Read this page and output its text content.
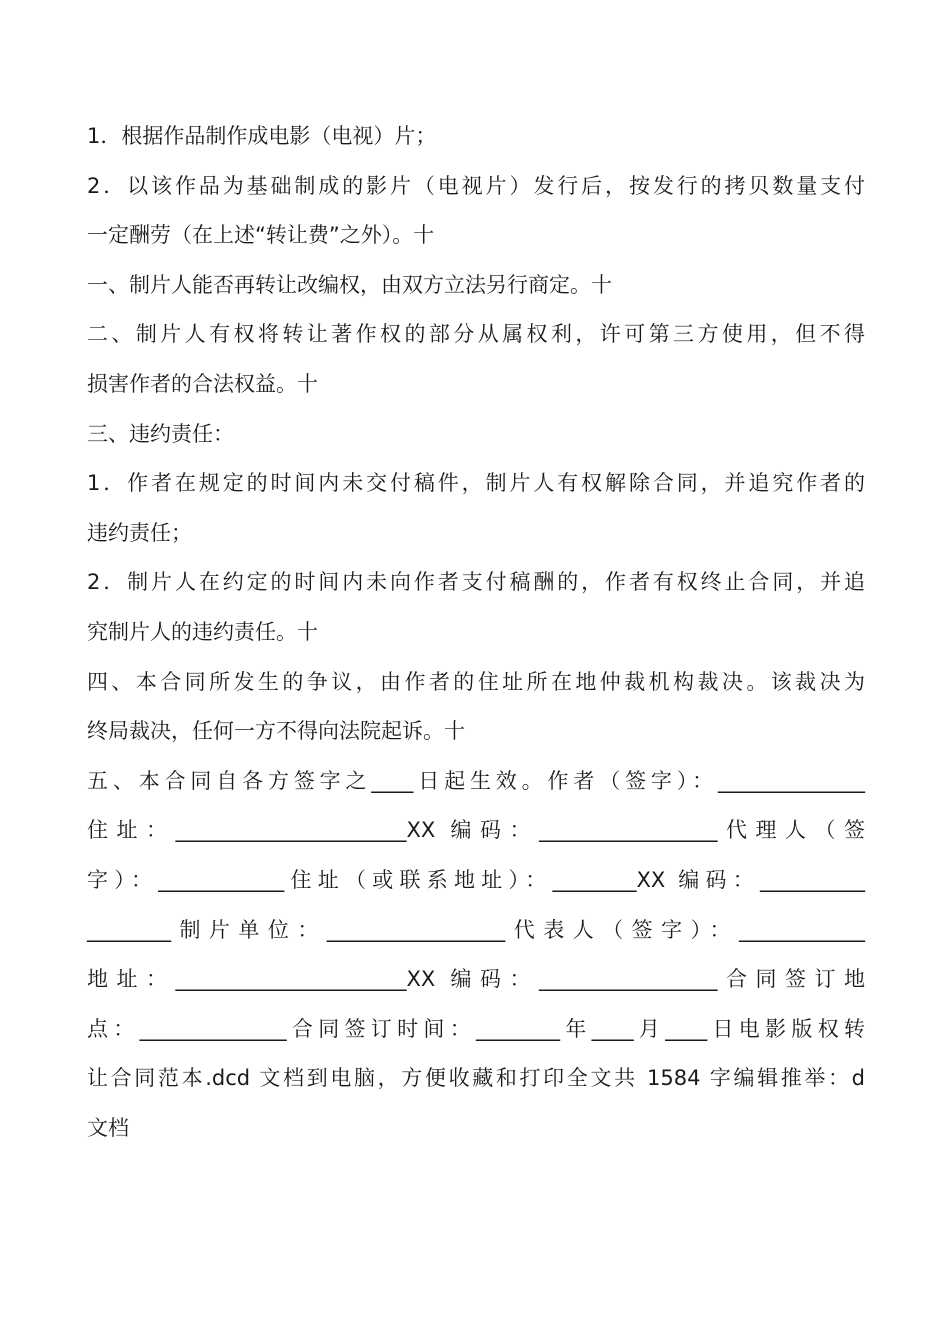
1．根据作品制作成电影（电视）片；
2．以该作品为基础制成的影片（电视片）发行后，按发行的拷贝数量支付
一定酬劳（在上述“转让费”之外）。十
一、制片人能否再转让改编权，由双方立法另行商定。十
二、制片人有权将转让著作权的部分从属权利，许可第三方使用，但不得
损害作者的合法权益。十
三、违约责任：
1．作者在规定的时间内未交付稿件，制片人有权解除合同，并追究作者的
违约责任；
2．制片人在约定的时间内未向作者支付稿酬的，作者有权终止合同，并追
究制片人的违约责任。十
四、本合同所发生的争议，由作者的住址所在地仲裁机构裁决。该裁决为
终局裁决，任何一方不得向法院起诉。十
五、本合同自各方签字之____日起生效。作者（签字）：______________
住址：______________________XX 编码：_________________代理人（签
字）：____________住址（或联系地址）：________XX 编码：__________
________制片单位：_________________代表人（签字）：____________
地址：______________________XX 编码：_________________合同签订地
点：______________合同签订时间：________年____月____日电影版权转
让合同范本.dcd 文档到电脑，方便收藏和打印全文共 1584 字编辑推举：d
文档
